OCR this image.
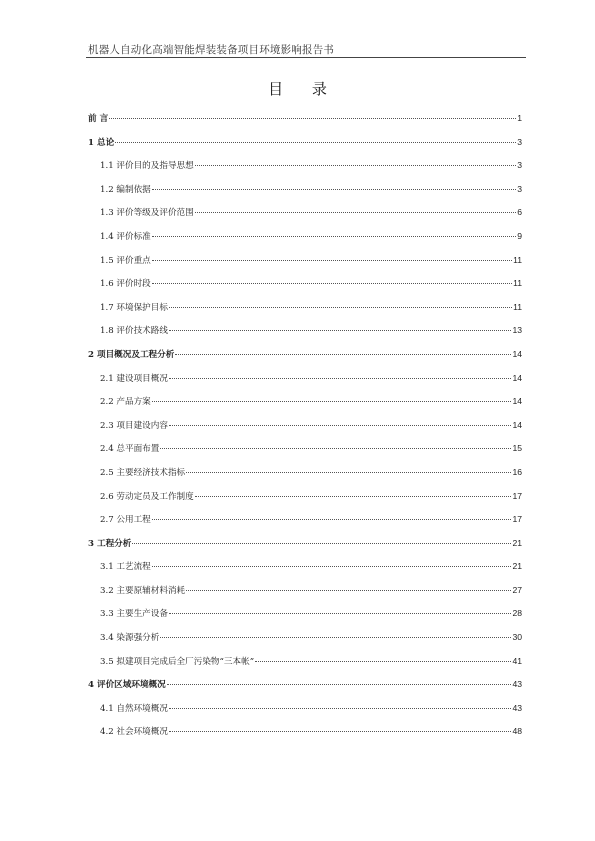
机器人自动化高端智能焊装装备项目环境影响报告书
目 录
前 言	1
1 总论	3
1.1 评价目的及指导思想	3
1.2 编制依据	3
1.3 评价等级及评价范围	6
1.4 评价标准	9
1.5 评价重点	11
1.6 评价时段	11
1.7 环境保护目标	11
1.8 评价技术路线	13
2 项目概况及工程分析	14
2.1 建设项目概况	14
2.2 产品方案	14
2.3 项目建设内容	14
2.4 总平面布置	15
2.5 主要经济技术指标	16
2.6 劳动定员及工作制度	17
2.7 公用工程	17
3 工程分析	21
3.1 工艺流程	21
3.2 主要原辅材料消耗	27
3.3 主要生产设备	28
3.4 染源强分析	30
3.5 拟建项目完成后全厂污染物“三本帐”	41
4 评价区域环境概况	43
4.1 自然环境概况	43
4.2 社会环境概况	48
